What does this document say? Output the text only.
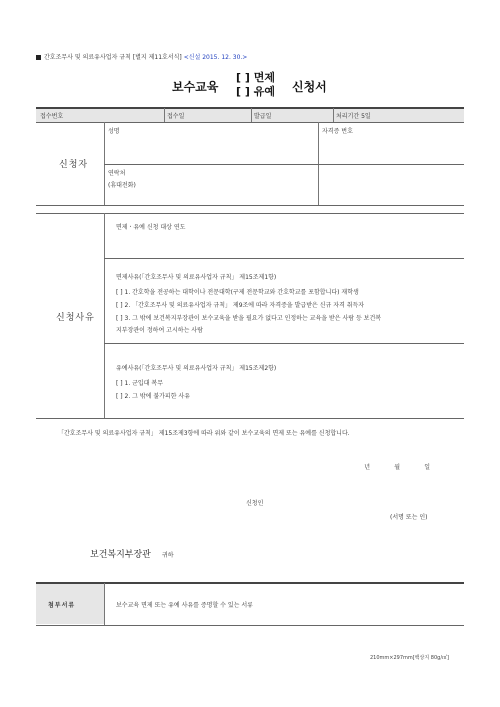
간호조무사 및 의료유사업자 규칙 [별지 제11호서식] <신설 2015. 12. 30.>
보수교육
[ ] 면제
[ ] 유예 신청서
접수번호	접수일	발급일	처리기간 5일
신청자
성명	자격증 번호
연락처
(휴대전화)
신청사유
면제ㆍ유예 신청 대상 연도
면제사유(「간호조무사 및 의료유사업자 규칙」 제15조제1항)
[ ] 1. 간호학을 전공하는 대학이나 전문대학(구제 전문학교와 간호학교를 포함합니다) 재학생
[ ] 2. 「간호조무사 및 의료유사업자 규칙」 제9조에 따라 자격증을 발급받은 신규 자격 취득자
[ ] 3. 그 밖에 보건복지부장관이 보수교육을 받을 필요가 없다고 인정하는 교육을 받은 사람 등 보건복
지부장관이 정하여 고시하는 사람
유예사유(「간호조무사 및 의료유사업자 규칙」 제15조제2항)
[ ] 1. 군입대 복무
[ ] 2. 그 밖에 불가피한 사유
「간호조무사 및 의료유사업자 규칙」 제15조제3항에 따라 위와 같이 보수교육의 면제 또는 유예를 신청합니다.
년	월	일
신청인
(서명 또는 인)
보건복지부장관 귀하
첨부서류	보수교육 면제 또는 유예 사유를 증명할 수 있는 서류
210mm×297mm[백상지 80g/㎡]
